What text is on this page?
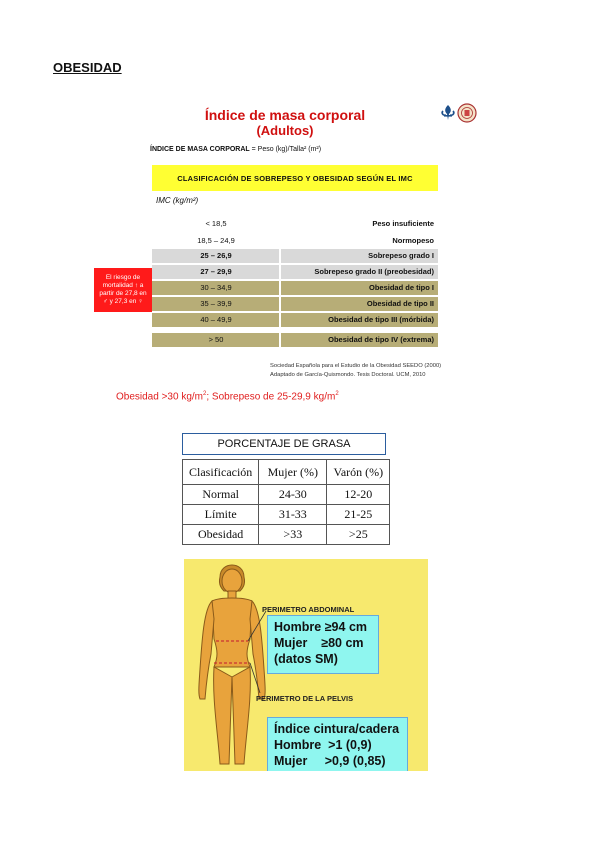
OBESIDAD
Índice de masa corporal
(Adultos)
ÍNDICE DE MASA CORPORAL = Peso (kg)/Talla² (m²)
CLASIFICACIÓN DE SOBREPESO Y OBESIDAD SEGÚN EL IMC
IMC (kg/m²)
< 18,5	Peso insuficiente
18,5 – 24,9	Normopeso
25 – 26,9	Sobrepeso grado I
27 – 29,9	Sobrepeso grado II (preobesidad)
30 – 34,9	Obesidad de tipo I
35 – 39,9	Obesidad de tipo II
40 – 49,9	Obesidad de tipo III (mórbida)
> 50	Obesidad de tipo IV (extrema)
El riesgo de mortalidad ↑ a partir de 27,8 en ♂ y 27,3 en ♀
Sociedad Española para el Estudio de la Obesidad SEEDO (2000)
Adaptado de García-Quismondo. Tesis Doctoral. UCM, 2010
Obesidad >30 $kg/m^2$; Sobrepeso de 25-29,9 $kg/m^2$
PORCENTAJE DE GRASA
Clasificación	Mujer (%)	Varón (%)
Normal	24-30	12-20
Límite	31-33	21-25
Obesidad	>33	>25
PERIMETRO ABDOMINAL
Hombre ≥94 cm
Mujer    ≥80 cm
(datos SM)
PERIMETRO DE LA PELVIS
Índice cintura/cadera
Hombre  >1 (0,9)
Mujer     >0,9 (0,85)
